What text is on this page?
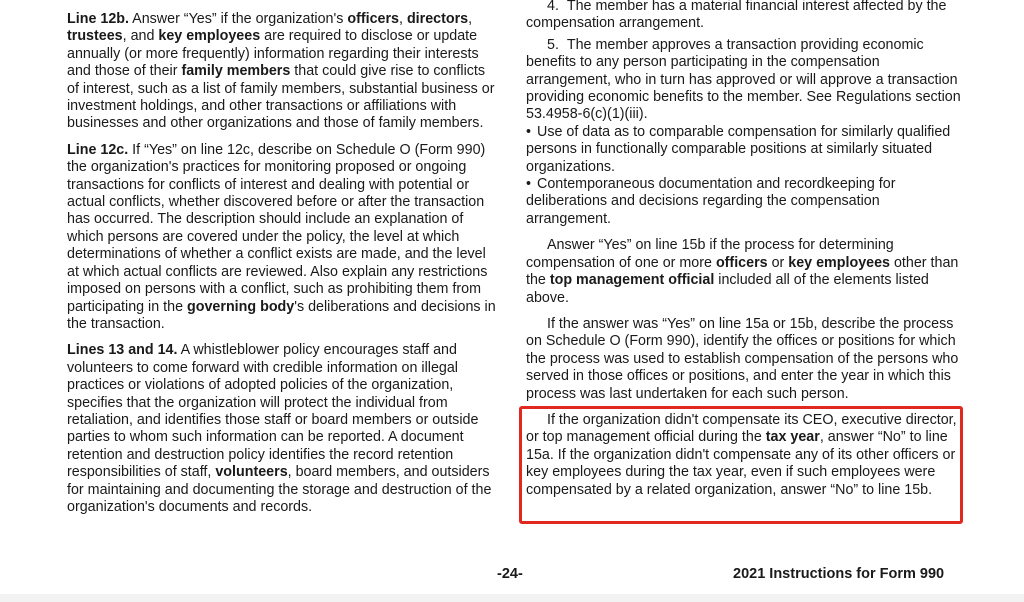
Line 12b. Answer “Yes” if the organization's officers, directors, trustees, and key employees are required to disclose or update annually (or more frequently) information regarding their interests and those of their family members that could give rise to conflicts of interest, such as a list of family members, substantial business or investment holdings, and other transactions or affiliations with businesses and other organizations and those of family members.

Line 12c. If “Yes” on line 12c, describe on Schedule O (Form 990) the organization's practices for monitoring proposed or ongoing transactions for conflicts of interest and dealing with potential or actual conflicts, whether discovered before or after the transaction has occurred. The description should include an explanation of which persons are covered under the policy, the level at which determinations of whether a conflict exists are made, and the level at which actual conflicts are reviewed. Also explain any restrictions imposed on persons with a conflict, such as prohibiting them from participating in the governing body's deliberations and decisions in the transaction.

Lines 13 and 14. A whistleblower policy encourages staff and volunteers to come forward with credible information on illegal practices or violations of adopted policies of the organization, specifies that the organization will protect the individual from retaliation, and identifies those staff or board members or outside parties to whom such information can be reported. A document retention and destruction policy identifies the record retention responsibilities of staff, volunteers, board members, and outsiders for maintaining and documenting the storage and destruction of the organization's documents and records.

4.  The member has a material financial interest affected by the compensation arrangement.

5.  The member approves a transaction providing economic benefits to any person participating in the compensation arrangement, who in turn has approved or will approve a transaction providing economic benefits to the member. See Regulations section 53.4958-6(c)(1)(iii).

• Use of data as to comparable compensation for similarly qualified persons in functionally comparable positions at similarly situated organizations.

• Contemporaneous documentation and recordkeeping for deliberations and decisions regarding the compensation arrangement.

Answer “Yes” on line 15b if the process for determining compensation of one or more officers or key employees other than the top management official included all of the elements listed above.

If the answer was “Yes” on line 15a or 15b, describe the process on Schedule O (Form 990), identify the offices or positions for which the process was used to establish compensation of the persons who served in those offices or positions, and enter the year in which this process was last undertaken for each such person.

If the organization didn't compensate its CEO, executive director, or top management official during the tax year, answer “No” to line 15a. If the organization didn't compensate any of its other officers or key employees during the tax year, even if such employees were compensated by a related organization, answer “No” to line 15b.

-24-	2021 Instructions for Form 990
